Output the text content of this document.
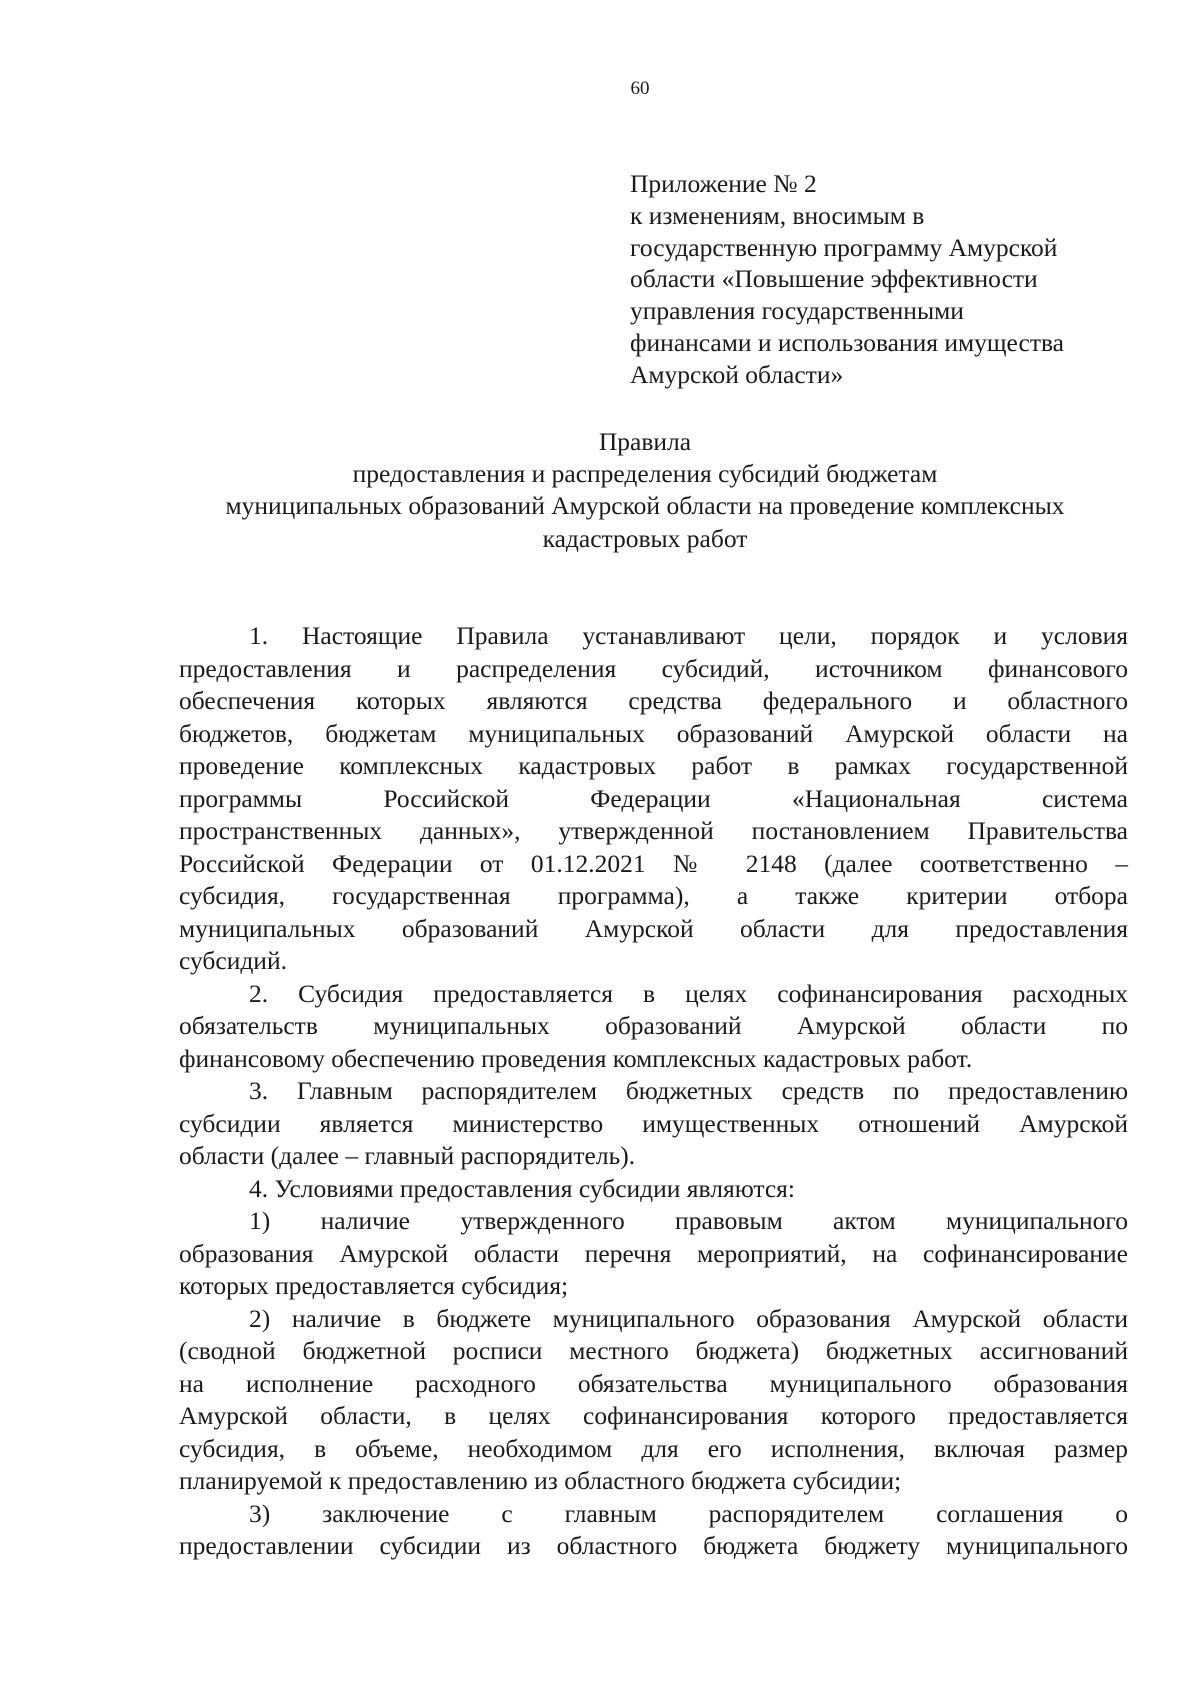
60
Приложение № 2
к изменениям, вносимым в
государственную программу Амурской
области «Повышение эффективности
управления государственными
финансами и использования имущества
Амурской области»
Правила
предоставления и распределения субсидий бюджетам
муниципальных образований Амурской области на проведение комплексных
кадастровых работ
1. Настоящие Правила устанавливают цели, порядок и условия
предоставления и распределения субсидий, источником финансового
обеспечения которых являются средства федерального и областного
бюджетов, бюджетам муниципальных образований Амурской области на
проведение комплексных кадастровых работ в рамках государственной
программы Российской Федерации «Национальная система
пространственных данных», утвержденной постановлением Правительства
Российской Федерации от 01.12.2021 № 2148 (далее соответственно –
субсидия, государственная программа), а также критерии отбора
муниципальных образований Амурской области для предоставления
субсидий.
2. Субсидия предоставляется в целях софинансирования расходных
обязательств муниципальных образований Амурской области по
финансовому обеспечению проведения комплексных кадастровых работ.
3. Главным распорядителем бюджетных средств по предоставлению
субсидии является министерство имущественных отношений Амурской
области (далее – главный распорядитель).
4. Условиями предоставления субсидии являются:
1) наличие утвержденного правовым актом муниципального
образования Амурской области перечня мероприятий, на софинансирование
которых предоставляется субсидия;
2) наличие в бюджете муниципального образования Амурской области
(сводной бюджетной росписи местного бюджета) бюджетных ассигнований
на исполнение расходного обязательства муниципального образования
Амурской области, в целях софинансирования которого предоставляется
субсидия, в объеме, необходимом для его исполнения, включая размер
планируемой к предоставлению из областного бюджета субсидии;
3) заключение с главным распорядителем соглашения о
предоставлении субсидии из областного бюджета бюджету муниципального
